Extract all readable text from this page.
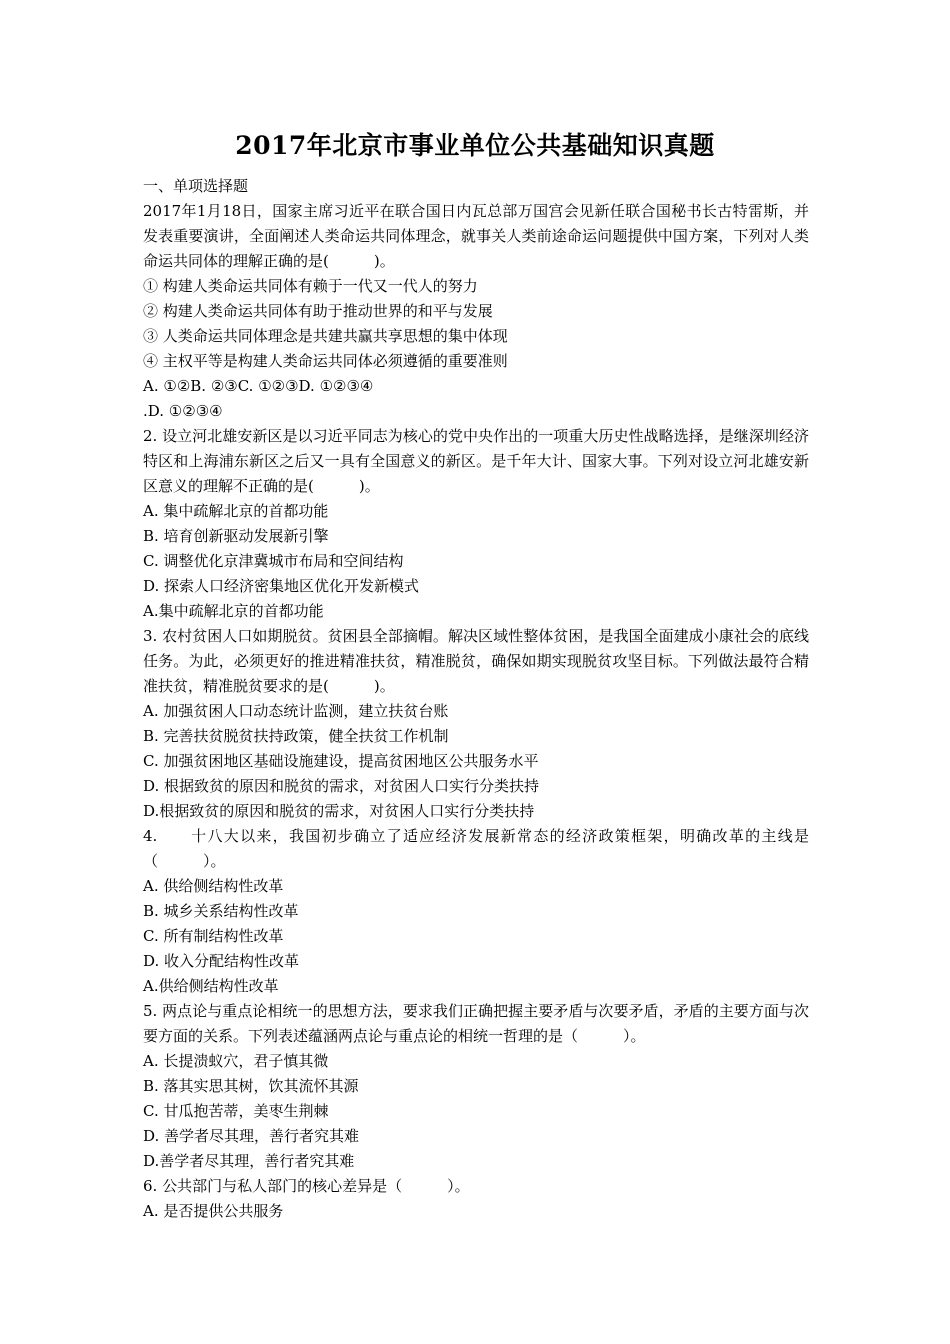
2017年北京市事业单位公共基础知识真题
一、单项选择题
2017年1月18日，国家主席习近平在联合国日内瓦总部万国宫会见新任联合国秘书长古特雷斯，并发表重要演讲，全面阐述人类命运共同体理念，就事关人类前途命运问题提供中国方案，下列对人类命运共同体的理解正确的是(　　　)。
① 构建人类命运共同体有赖于一代又一代人的努力
② 构建人类命运共同体有助于推动世界的和平与发展
③ 人类命运共同体理念是共建共赢共享思想的集中体现
④ 主权平等是构建人类命运共同体必须遵循的重要准则
A. ①②B. ②③C. ①②③D. ①②③④
.D. ①②③④
2. 设立河北雄安新区是以习近平同志为核心的党中央作出的一项重大历史性战略选择，是继深圳经济特区和上海浦东新区之后又一具有全国意义的新区。是千年大计、国家大事。下列对设立河北雄安新区意义的理解不正确的是(　　　)。
A. 集中疏解北京的首都功能
B. 培育创新驱动发展新引擎
C. 调整优化京津冀城市布局和空间结构
D. 探索人口经济密集地区优化开发新模式
A.集中疏解北京的首都功能
3. 农村贫困人口如期脱贫。贫困县全部摘帽。解决区域性整体贫困，是我国全面建成小康社会的底线任务。为此，必须更好的推进精准扶贫，精准脱贫，确保如期实现脱贫攻坚目标。下列做法最符合精准扶贫，精准脱贫要求的是(　　　)。
A. 加强贫困人口动态统计监测，建立扶贫台账
B. 完善扶贫脱贫扶持政策，健全扶贫工作机制
C. 加强贫困地区基础设施建设，提高贫困地区公共服务水平
D. 根据致贫的原因和脱贫的需求，对贫困人口实行分类扶持
D.根据致贫的原因和脱贫的需求，对贫困人口实行分类扶持
4.　　十八大以来，我国初步确立了适应经济发展新常态的经济政策框架，明确改革的主线是（　　　）。
A. 供给侧结构性改革
B. 城乡关系结构性改革
C. 所有制结构性改革
D. 收入分配结构性改革
A.供给侧结构性改革
5. 两点论与重点论相统一的思想方法，要求我们正确把握主要矛盾与次要矛盾，矛盾的主要方面与次要方面的关系。下列表述蕴涵两点论与重点论的相统一哲理的是（　　　）。
A. 长提溃蚁穴，君子慎其微
B. 落其实思其树，饮其流怀其源
C. 甘瓜抱苦蒂，美枣生荆棘
D. 善学者尽其理，善行者究其难
D.善学者尽其理，善行者究其难
6. 公共部门与私人部门的核心差异是（　　　）。
A. 是否提供公共服务
